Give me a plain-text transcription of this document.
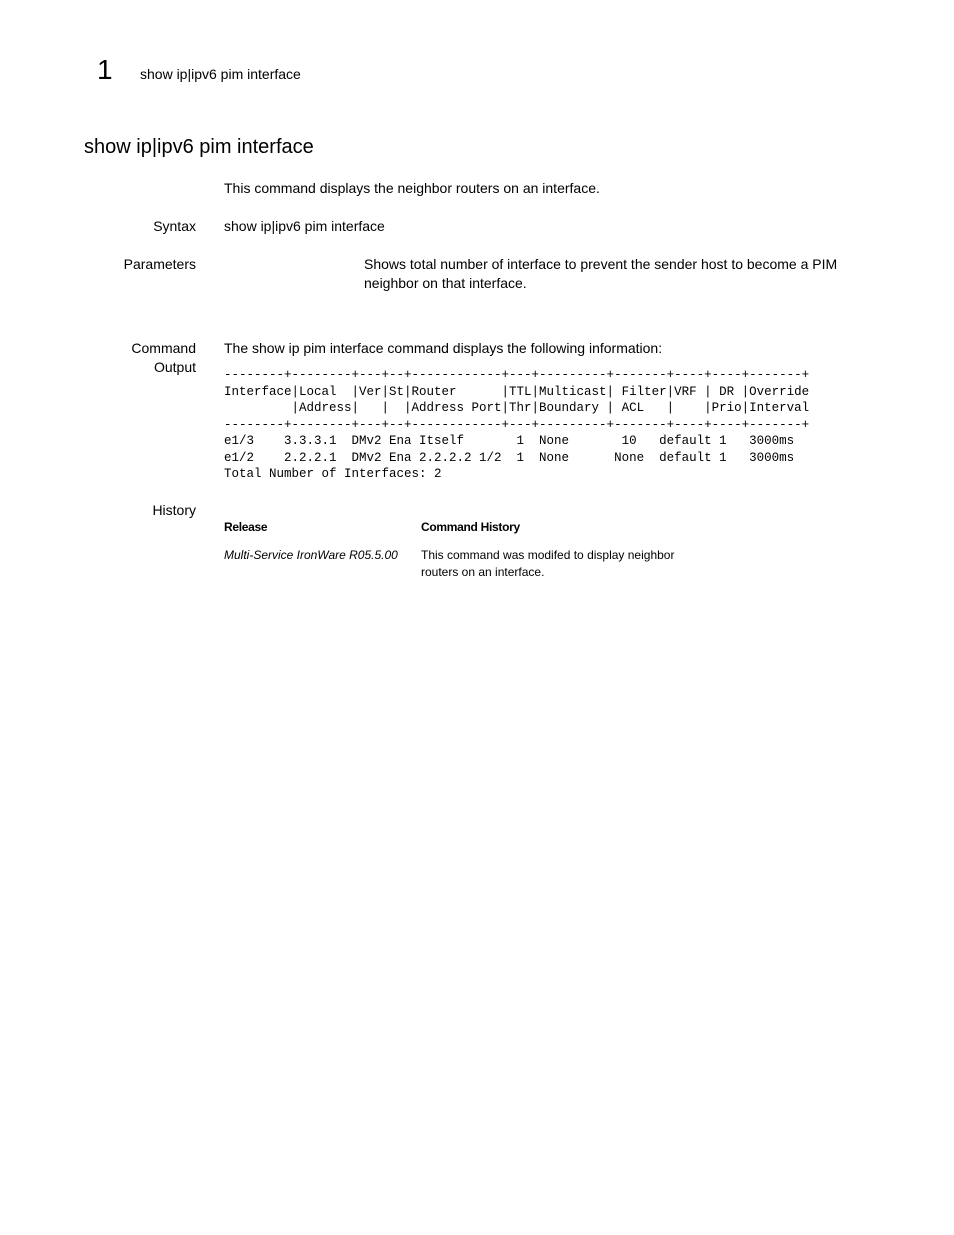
1 show ip|ipv6 pim interface
show ip|ipv6 pim interface
This command displays the neighbor routers on an interface.
Syntax show ip|ipv6 pim interface
Parameters	Shows total number of interface to prevent the sender host to become a PIM neighbor on that interface.
Command
Output
The show ip pim interface command displays the following information:
--------+--------+---+--+------------+---+---------+-------+----+----+-------+
Interface|Local  |Ver|St|Router      |TTL|Multicast| Filter|VRF | DR |Override
|Address|   |  |Address Port|Thr|Boundary | ACL   |    |Prio|Interval
--------+--------+---+--+------------+---+---------+-------+----+----+-------+
e1/3    3.3.3.1  DMv2 Ena Itself       1  None       10   default 1   3000ms
e1/2    2.2.2.1  DMv2 Ena 2.2.2.2 1/2  1  None      None  default 1   3000ms
Total Number of Interfaces: 2
History
Release	Command History
Multi-Service IronWare R05.5.00 This command was modifed to display neighbor routers on an interface.
